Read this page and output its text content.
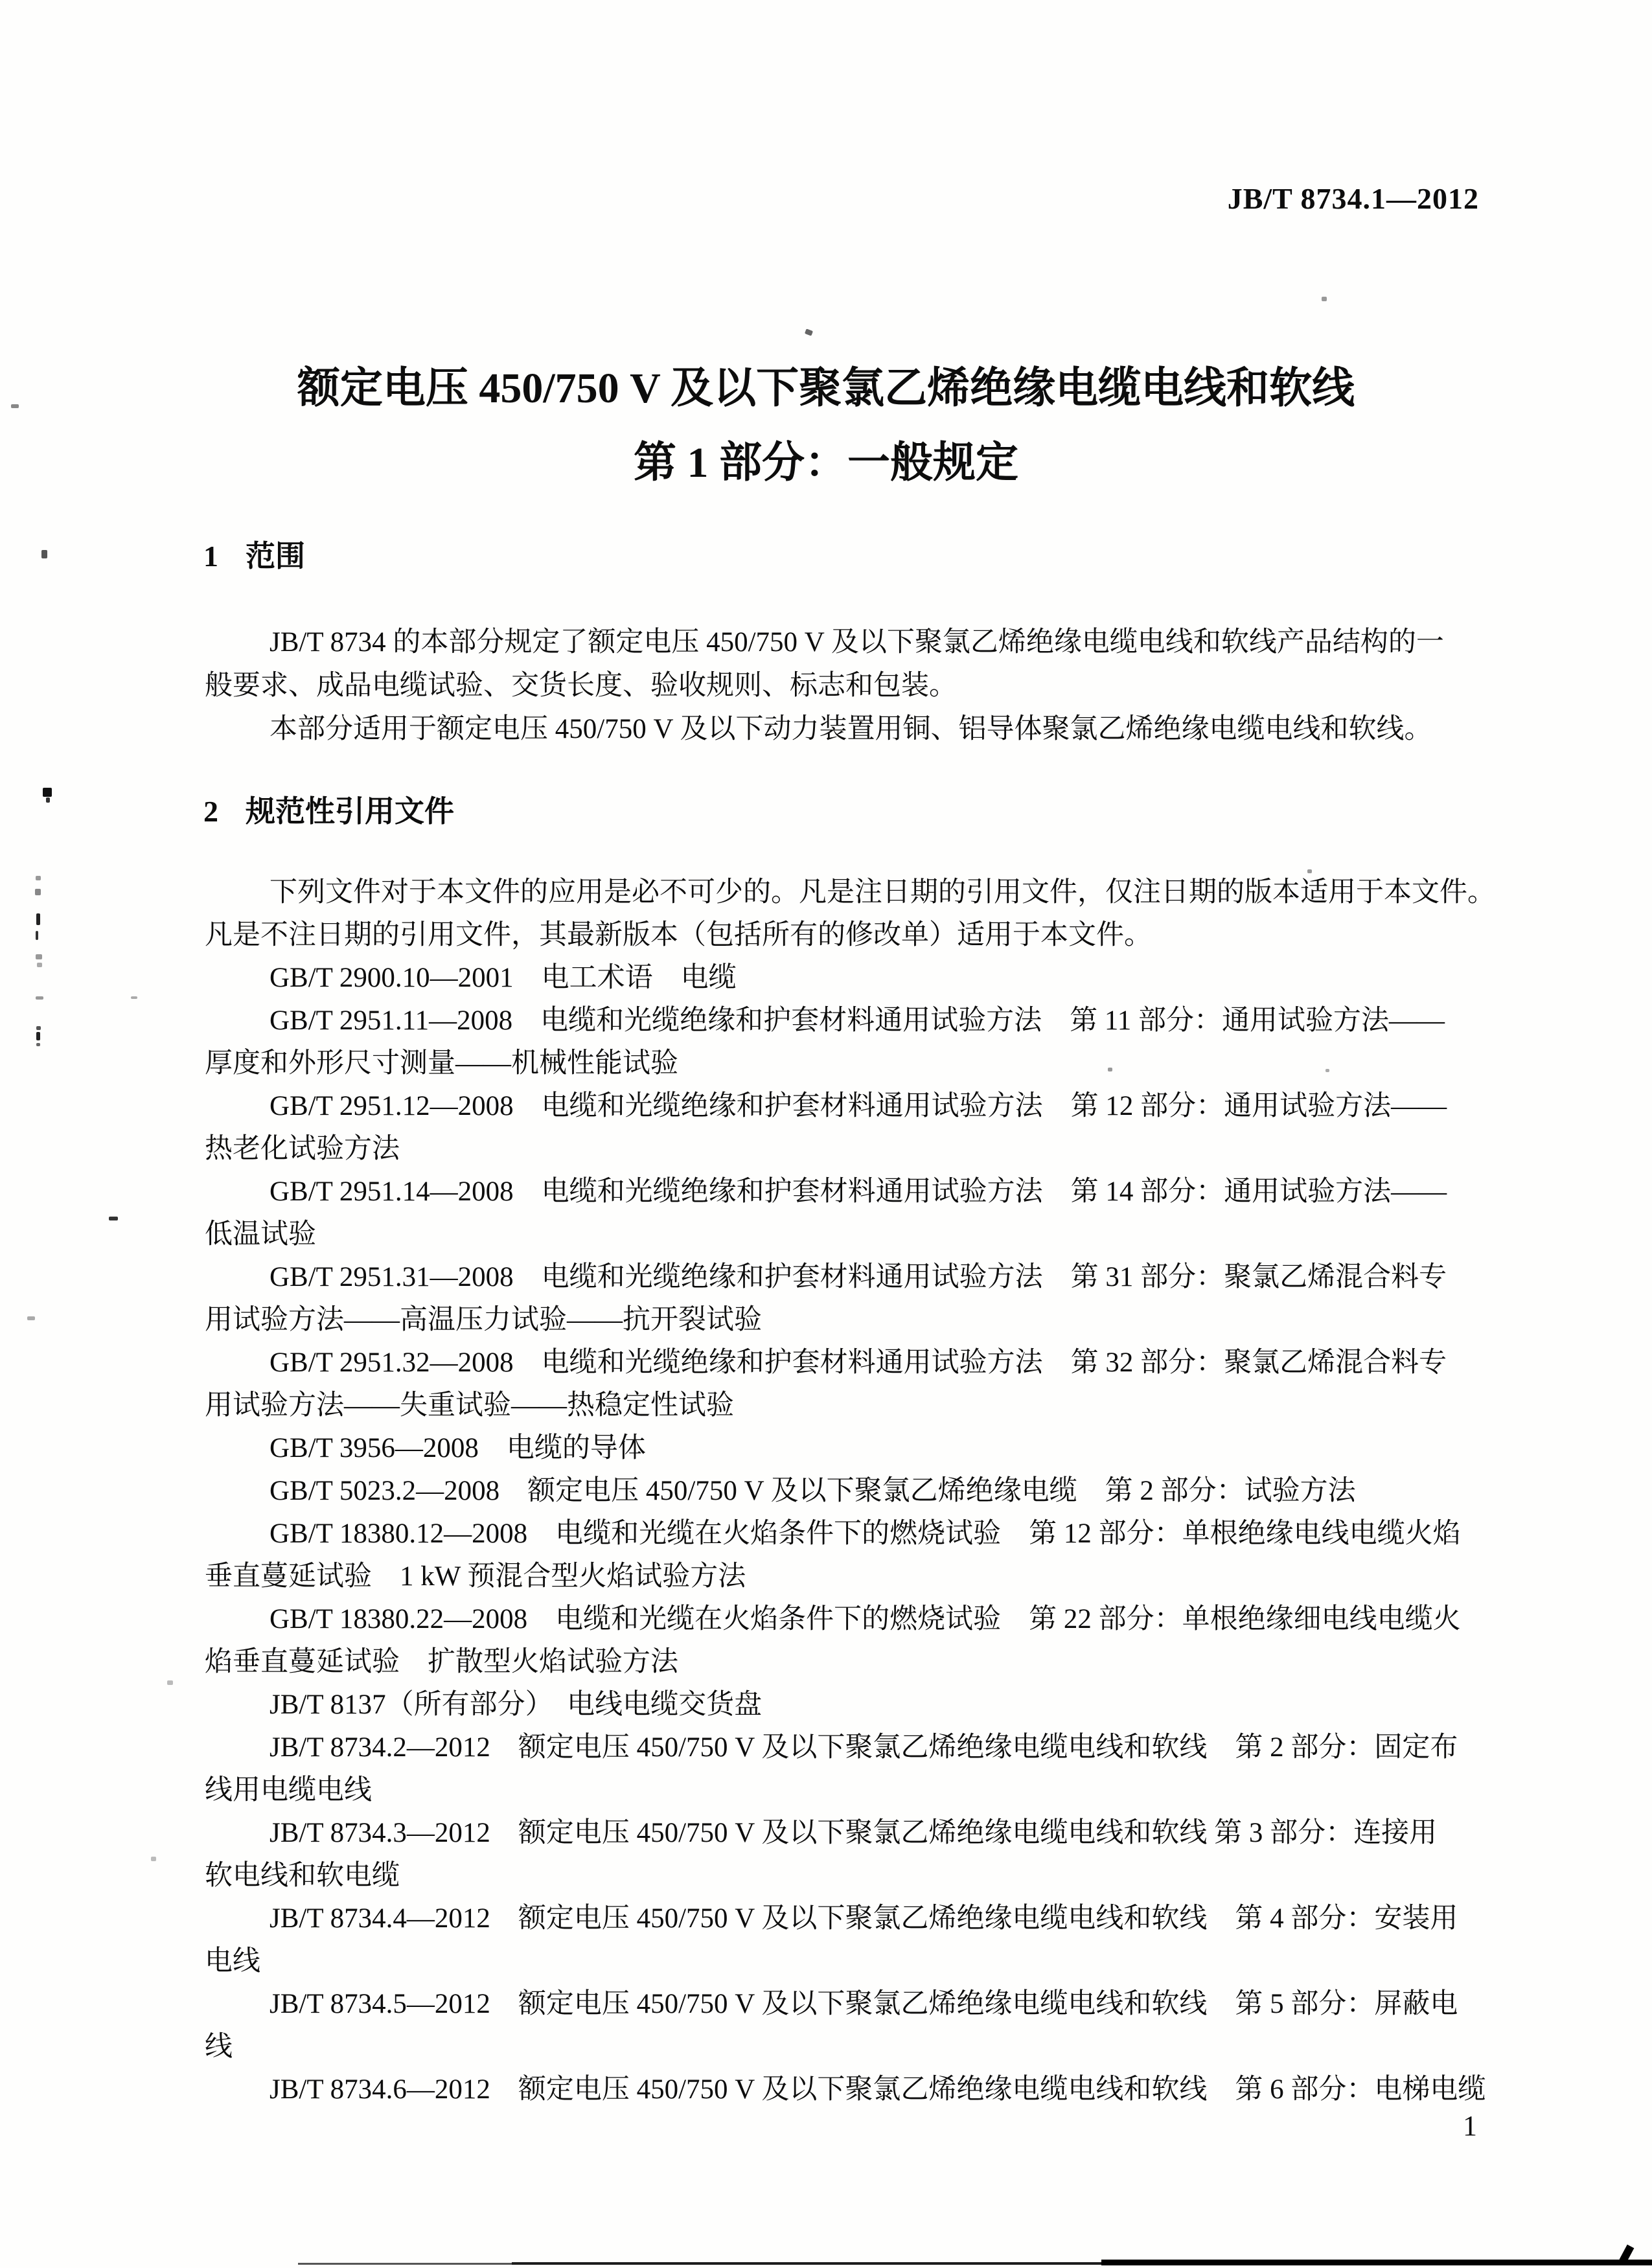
JB/T 8734.1—2012
额定电压 450/750 V 及以下聚氯乙烯绝缘电缆电线和软线
第 1 部分：一般规定
1 范围
JB/T 8734 的本部分规定了额定电压 450/750 V 及以下聚氯乙烯绝缘电缆电线和软线产品结构的一
般要求、成品电缆试验、交货长度、验收规则、标志和包装。
本部分适用于额定电压 450/750 V 及以下动力装置用铜、铝导体聚氯乙烯绝缘电缆电线和软线。
2 规范性引用文件
下列文件对于本文件的应用是必不可少的。凡是注日期的引用文件，仅注日期的版本适用于本文件。
凡是不注日期的引用文件，其最新版本（包括所有的修改单）适用于本文件。
GB/T 2900.10—2001　电工术语　电缆
GB/T 2951.11—2008　电缆和光缆绝缘和护套材料通用试验方法　第 11 部分：通用试验方法——
厚度和外形尺寸测量——机械性能试验
GB/T 2951.12—2008　电缆和光缆绝缘和护套材料通用试验方法　第 12 部分：通用试验方法——
热老化试验方法
GB/T 2951.14—2008　电缆和光缆绝缘和护套材料通用试验方法　第 14 部分：通用试验方法——
低温试验
GB/T 2951.31—2008　电缆和光缆绝缘和护套材料通用试验方法　第 31 部分：聚氯乙烯混合料专
用试验方法——高温压力试验——抗开裂试验
GB/T 2951.32—2008　电缆和光缆绝缘和护套材料通用试验方法　第 32 部分：聚氯乙烯混合料专
用试验方法——失重试验——热稳定性试验
GB/T 3956—2008　电缆的导体
GB/T 5023.2—2008　额定电压 450/750 V 及以下聚氯乙烯绝缘电缆　第 2 部分：试验方法
GB/T 18380.12—2008　电缆和光缆在火焰条件下的燃烧试验　第 12 部分：单根绝缘电线电缆火焰
垂直蔓延试验　1 kW 预混合型火焰试验方法
GB/T 18380.22—2008　电缆和光缆在火焰条件下的燃烧试验　第 22 部分：单根绝缘细电线电缆火
焰垂直蔓延试验　扩散型火焰试验方法
JB/T 8137（所有部分）　电线电缆交货盘
JB/T 8734.2—2012　额定电压 450/750 V 及以下聚氯乙烯绝缘电缆电线和软线　第 2 部分：固定布
线用电缆电线
JB/T 8734.3—2012　额定电压 450/750 V 及以下聚氯乙烯绝缘电缆电线和软线 第 3 部分：连接用
软电线和软电缆
JB/T 8734.4—2012　额定电压 450/750 V 及以下聚氯乙烯绝缘电缆电线和软线　第 4 部分：安装用
电线
JB/T 8734.5—2012　额定电压 450/750 V 及以下聚氯乙烯绝缘电缆电线和软线　第 5 部分：屏蔽电
线
JB/T 8734.6—2012　额定电压 450/750 V 及以下聚氯乙烯绝缘电缆电线和软线　第 6 部分：电梯电缆
1
